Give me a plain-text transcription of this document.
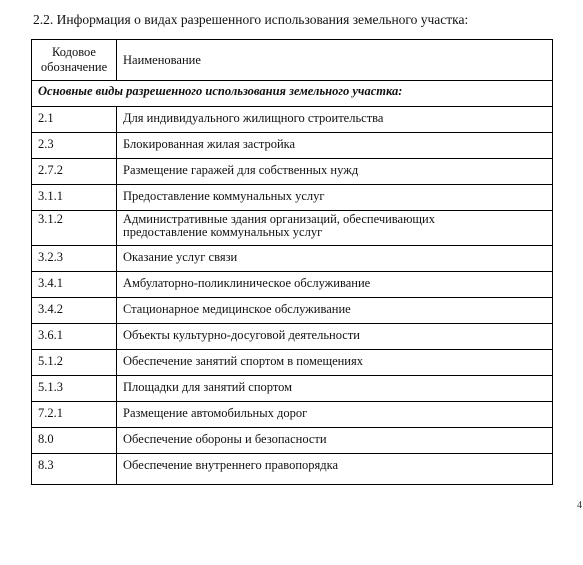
2.2. Информация о видах разрешенного использования земельного участка:
Кодовое
обозначение	Наименование
Основные виды разрешенного использования земельного участка:	
2.1	Для индивидуального жилищного строительства
2.3	Блокированная жилая застройка
2.7.2	Размещение гаражей для собственных нужд
3.1.1	Предоставление коммунальных услуг
3.1.2	Административные здания организаций, обеспечивающих
предоставление коммунальных услуг
3.2.3	Оказание услуг связи
3.4.1	Амбулаторно-поликлиническое обслуживание
3.4.2	Стационарное медицинское обслуживание
3.6.1	Объекты культурно-досуговой деятельности
5.1.2	Обеспечение занятий спортом в помещениях
5.1.3	Площадки для занятий спортом
7.2.1	Размещение автомобильных дорог
8.0	Обеспечение обороны и безопасности
8.3	Обеспечение внутреннего правопорядка
4
